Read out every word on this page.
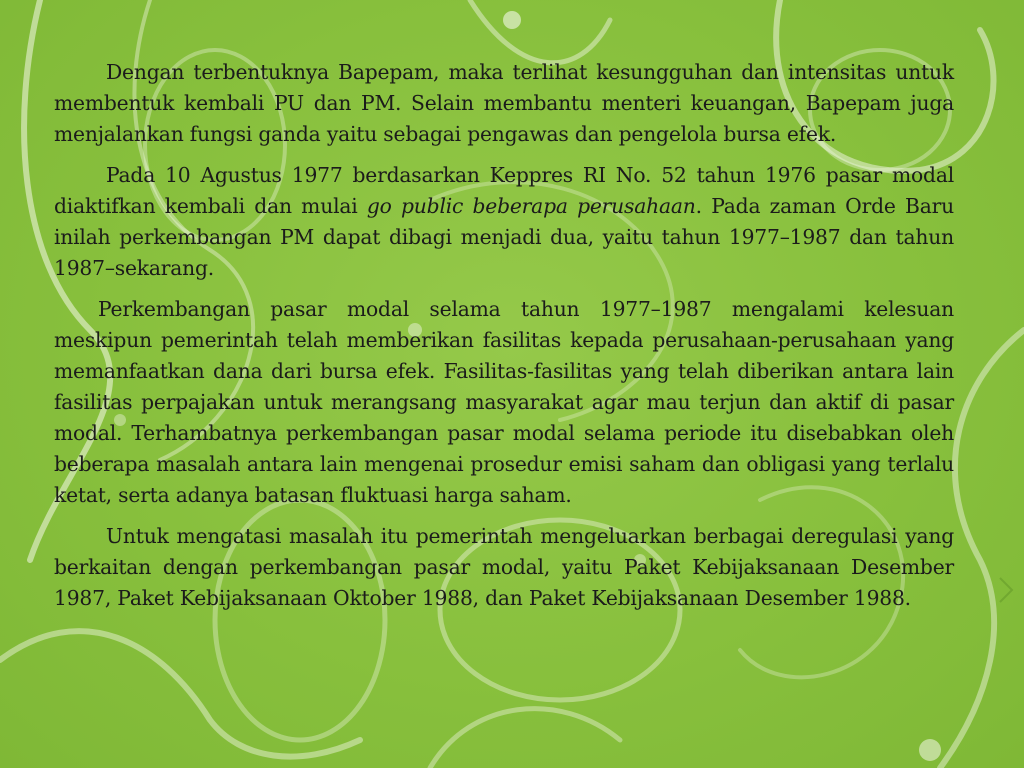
Dengan terbentuknya Bapepam, maka terlihat kesungguhan dan intensitas untuk membentuk kembali PU dan PM. Selain membantu menteri keuangan, Bapepam juga menjalankan fungsi ganda yaitu sebagai pengawas dan pengelola bursa efek.

Pada 10 Agustus 1977 berdasarkan Keppres RI No. 52 tahun 1976 pasar modal diaktifkan kembali dan mulai go public beberapa perusahaan. Pada zaman Orde Baru inilah perkembangan PM dapat dibagi menjadi dua, yaitu tahun 1977–1987 dan tahun 1987–sekarang.

Perkembangan pasar modal selama tahun 1977–1987 mengalami kelesuan meskipun pemerintah telah memberikan fasilitas kepada perusahaan-perusahaan yang memanfaatkan dana dari bursa efek. Fasilitas-fasilitas yang telah diberikan antara lain fasilitas perpajakan untuk merangsang masyarakat agar mau terjun dan aktif di pasar modal. Terhambatnya perkembangan pasar modal selama periode itu disebabkan oleh beberapa masalah antara lain mengenai prosedur emisi saham dan obligasi yang terlalu ketat, serta adanya batasan fluktuasi harga saham.

Untuk mengatasi masalah itu pemerintah mengeluarkan berbagai deregulasi yang berkaitan dengan perkembangan pasar modal, yaitu Paket Kebijaksanaan Desember 1987, Paket Kebijaksanaan Oktober 1988, dan Paket Kebijaksanaan Desember 1988.
